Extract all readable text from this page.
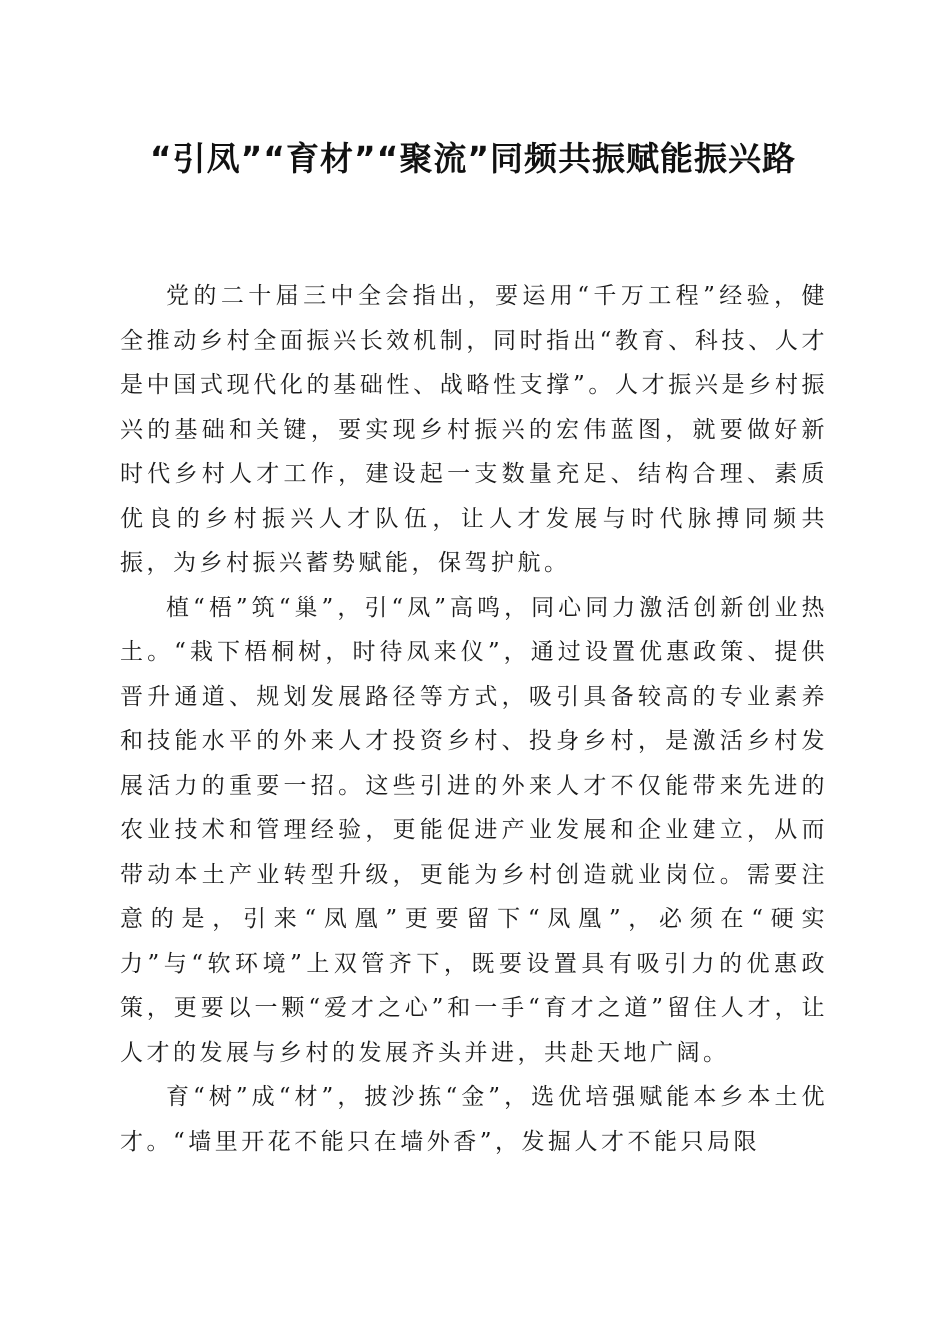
“引凤”“育材”“聚流”同频共振赋能振兴路

党的二十届三中全会指出，要运用“千万工程”经验，健全推动乡村全面振兴长效机制，同时指出“教育、科技、人才是中国式现代化的基础性、战略性支撑”。人才振兴是乡村振兴的基础和关键，要实现乡村振兴的宏伟蓝图，就要做好新时代乡村人才工作，建设起一支数量充足、结构合理、素质优良的乡村振兴人才队伍，让人才发展与时代脉搏同频共振，为乡村振兴蓄势赋能，保驾护航。

植“梧”筑“巢”，引“凤”高鸣，同心同力激活创新创业热土。“栽下梧桐树，时待凤来仪”，通过设置优惠政策、提供晋升通道、规划发展路径等方式，吸引具备较高的专业素养和技能水平的外来人才投资乡村、投身乡村，是激活乡村发展活力的重要一招。这些引进的外来人才不仅能带来先进的农业技术和管理经验，更能促进产业发展和企业建立，从而带动本土产业转型升级，更能为乡村创造就业岗位。需要注意的是，引来“凤凰”更要留下“凤凰”，必须在“硬实力”与“软环境”上双管齐下，既要设置具有吸引力的优惠政策，更要以一颗“爱才之心”和一手“育才之道”留住人才，让人才的发展与乡村的发展齐头并进，共赴天地广阔。

育“树”成“材”，披沙拣“金”，选优培强赋能本乡本土优才。“墙里开花不能只在墙外香”，发掘人才不能只局限
